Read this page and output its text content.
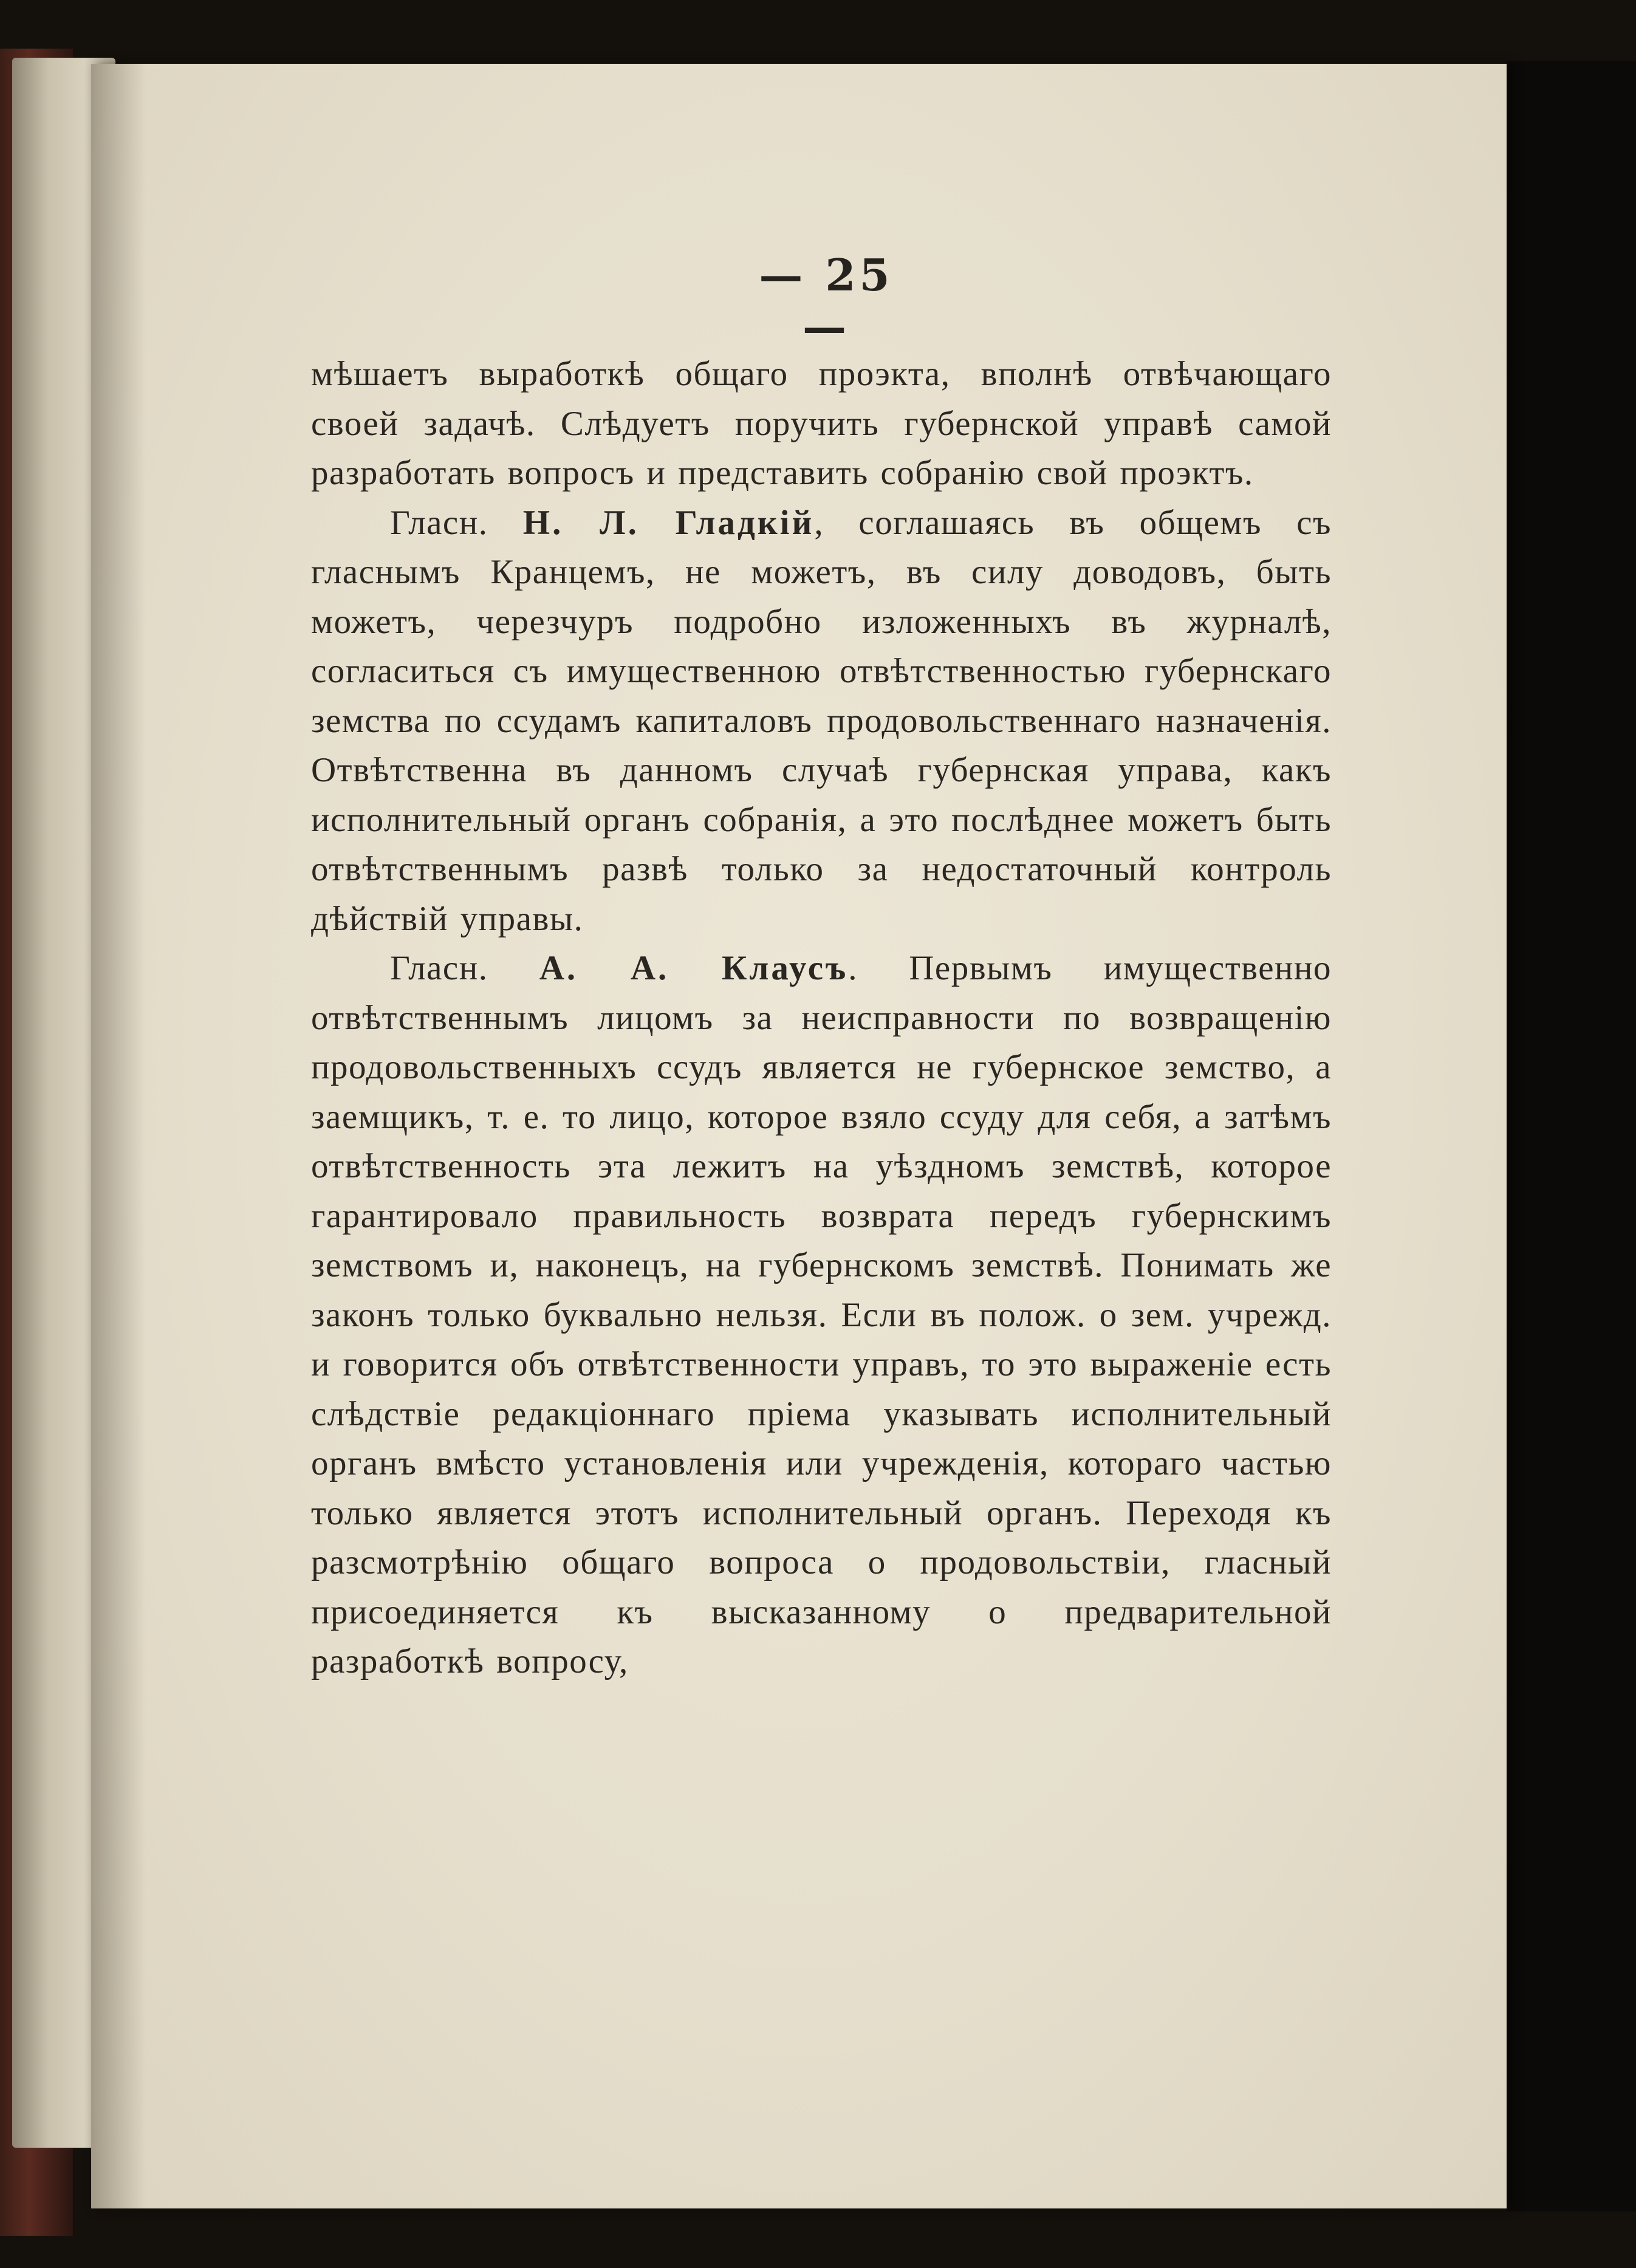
— 25 —

мѣшаетъ выработкѣ общаго проэкта, вполнѣ отвѣчающаго своей задачѣ. Слѣдуетъ поручить губернской управѣ самой разработать вопросъ и представить собранію свой проэктъ.

Гласн. Н. Л. Гладкій, соглашаясь въ общемъ съ гласнымъ Кранцемъ, не можетъ, въ силу доводовъ, быть можетъ, черезчуръ подробно изложенныхъ въ журналѣ, согласиться съ имущественною отвѣтственностью губернскаго земства по ссудамъ капиталовъ продовольственнаго назначенія. Отвѣтственна въ данномъ случаѣ губернская управа, какъ исполнительный органъ собранія, а это послѣднее можетъ быть отвѣтственнымъ развѣ только за недостаточный контроль дѣйствій управы.

Гласн. А. А. Клаусъ. Первымъ имущественно отвѣтственнымъ лицомъ за неисправности по возвращенію продовольственныхъ ссудъ является не губернское земство, а заемщикъ, т. е. то лицо, которое взяло ссуду для себя, а затѣмъ отвѣтственность эта лежитъ на уѣздномъ земствѣ, которое гарантировало правильность возврата передъ губернскимъ земствомъ и, наконецъ, на губернскомъ земствѣ. Понимать же законъ только буквально нельзя. Если въ полож. о зем. учрежд. и говорится объ отвѣтственности управъ, то это выраженіе есть слѣдствіе редакціоннаго пріема указывать исполнительный органъ вмѣсто установленія или учрежденія, котораго частью только является этотъ исполнительный органъ. Переходя къ разсмотрѣнію общаго вопроса о продовольствіи, гласный присоединяется къ высказанному о предварительной разработкѣ вопросу,
